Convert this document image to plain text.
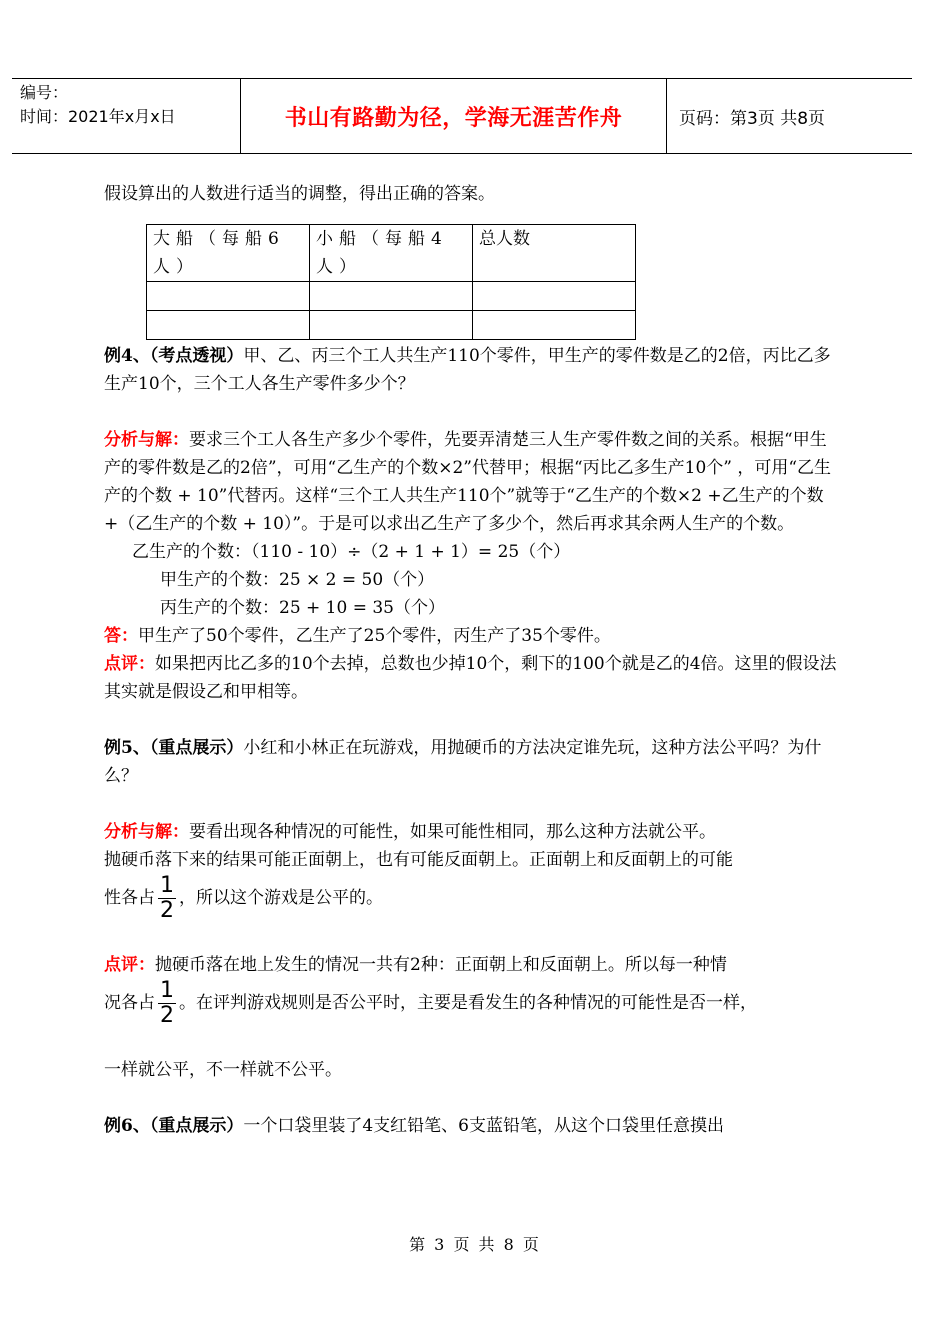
编号：
时间：2021年x月x日	书山有路勤为径，学海无涯苦作舟	页码：第3页 共8页

假设算出的人数进行适当的调整，得出正确的答案。

大船（每船6人）	小船（每船4人）	总人数

例4、（考点透视）甲、乙、丙三个工人共生产110个零件，甲生产的零件数是乙的2倍，丙比乙多生产10个，三个工人各生产零件多少个？

分析与解：要求三个工人各生产多少个零件，先要弄清楚三人生产零件数之间的关系。根据“甲生产的零件数是乙的2倍”，可用“乙生产的个数×2”代替甲；根据“丙比乙多生产10个” ，可用“乙生产的个数 + 10”代替丙。这样“三个工人共生产110个”就等于“乙生产的个数×2 +乙生产的个数 +（乙生产的个数 + 10）”。于是可以求出乙生产了多少个，然后再求其余两人生产的个数。

乙生产的个数：（110 - 10）÷（2 + 1 + 1）= 25（个）

甲生产的个数：25 × 2 = 50（个）

丙生产的个数：25 + 10 = 35（个）

答：甲生产了50个零件，乙生产了25个零件，丙生产了35个零件。

点评：如果把丙比乙多的10个去掉，总数也少掉10个，剩下的100个就是乙的4倍。这里的假设法其实就是假设乙和甲相等。

例5、（重点展示）小红和小林正在玩游戏，用抛硬币的方法决定谁先玩，这种方法公平吗？为什么？

分析与解：要看出现各种情况的可能性，如果可能性相同，那么这种方法就公平。

抛硬币落下来的结果可能正面朝上，也有可能反面朝上。正面朝上和反面朝上的可能

性各占 $\frac{1}{2}$ ，所以这个游戏是公平的。

点评：抛硬币落在地上发生的情况一共有2种：正面朝上和反面朝上。所以每一种情

况各占 $\frac{1}{2}$ 。在评判游戏规则是否公平时，主要是看发生的各种情况的可能性是否一样，

一样就公平，不一样就不公平。

例6、（重点展示）一个口袋里装了4支红铅笔、6支蓝铅笔，从这个口袋里任意摸出

第 3 页 共 8 页
